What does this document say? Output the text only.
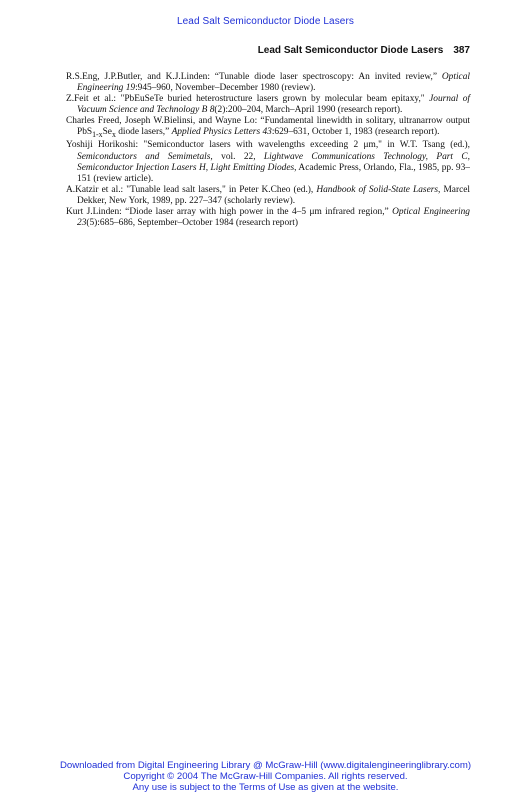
Lead Salt Semiconductor Diode Lasers
Lead Salt Semiconductor Diode Lasers 387

R.S.Eng, J.P.Butler, and K.J.Linden: “Tunable diode laser spectroscopy: An invited review,” Optical Engineering 19:945–960, November–December 1980 (review).

Z.Feit et al.: "PbEuSeTe buried heterostructure lasers grown by molecular beam epitaxy," Journal of Vacuum Science and Technology B 8(2):200–204, March–April 1990 (research report).

Charles Freed, Joseph W.Bielinsi, and Wayne Lo: “Fundamental linewidth in solitary, ultranarrow output $PbS_{1-x}Se_x$ diode lasers,” Applied Physics Letters 43:629–631, October 1, 1983 (research report).

Yoshiji Horikoshi: "Semiconductor lasers with wavelengths exceeding 2 μm," in W.T. Tsang (ed.), Semiconductors and Semimetals, vol. 22, Lightwave Communications Technology, Part C, Semiconductor Injection Lasers H, Light Emitting Diodes, Academic Press, Orlando, Fla., 1985, pp. 93–151 (review article).

A.Katzir et al.: "Tunable lead salt lasers," in Peter K.Cheo (ed.), Handbook of Solid-State Lasers, Marcel Dekker, New York, 1989, pp. 227–347 (scholarly review).

Kurt J.Linden: “Diode laser array with high power in the 4–5 μm infrared region,” Optical Engineering 23(5):685–686, September–October 1984 (research report)

Downloaded from Digital Engineering Library @ McGraw-Hill (www.digitalengineeringlibrary.com)
Copyright © 2004 The McGraw-Hill Companies. All rights reserved.
Any use is subject to the Terms of Use as given at the website.
